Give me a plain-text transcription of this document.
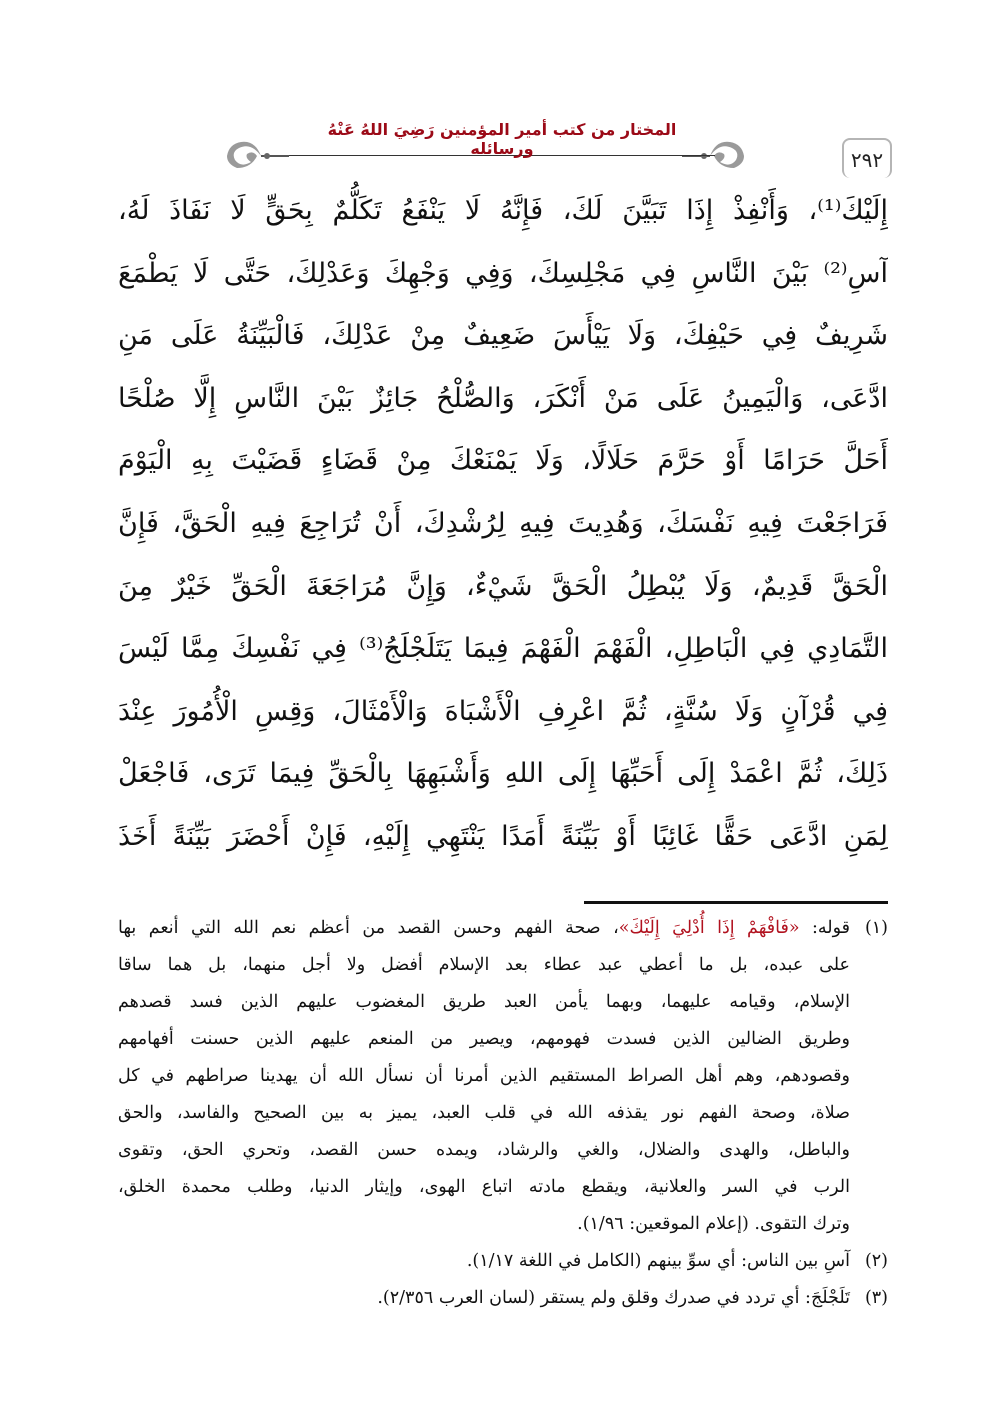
٢٩٢
المختار من كتب أمير المؤمنين رَضِيَ اللهُ عَنْهُ ورسائله
إِلَيْكَ⁽¹⁾، وَأَنْفِذْ إِذَا تَبَيَّنَ لَكَ، فَإِنَّهُ لَا يَنْفَعُ تَكَلُّمٌ بِحَقٍّ لَا نَفَاذَ لَهُ،
آسِ⁽²⁾ بَيْنَ النَّاسِ فِي مَجْلِسِكَ، وَفِي وَجْهِكَ وَعَدْلِكَ، حَتَّى لَا يَطْمَعَ
شَرِيفٌ فِي حَيْفِكَ، وَلَا يَيْأَسَ ضَعِيفٌ مِنْ عَدْلِكَ، فَالْبَيِّنَةُ عَلَى مَنِ
ادَّعَى، وَالْيَمِينُ عَلَى مَنْ أَنْكَرَ، وَالصُّلْحُ جَائِزٌ بَيْنَ النَّاسِ إِلَّا صُلْحًا
أَحَلَّ حَرَامًا أَوْ حَرَّمَ حَلَالًا، وَلَا يَمْنَعْكَ مِنْ قَضَاءٍ قَضَيْتَ بِهِ الْيَوْمَ
فَرَاجَعْتَ فِيهِ نَفْسَكَ، وَهُدِيتَ فِيهِ لِرُشْدِكَ، أَنْ تُرَاجِعَ فِيهِ الْحَقَّ، فَإِنَّ
الْحَقَّ قَدِيمٌ، وَلَا يُبْطِلُ الْحَقَّ شَيْءٌ، وَإِنَّ مُرَاجَعَةَ الْحَقِّ خَيْرٌ مِنَ
التَّمَادِي فِي الْبَاطِلِ، الْفَهْمَ الْفَهْمَ فِيمَا يَتَلَجْلَجُ⁽³⁾ فِي نَفْسِكَ مِمَّا لَيْسَ
فِي قُرْآنٍ وَلَا سُنَّةٍ، ثُمَّ اعْرِفِ الْأَشْبَاهَ وَالْأَمْثَالَ، وَقِسِ الْأُمُورَ عِنْدَ
ذَلِكَ، ثُمَّ اعْمَدْ إِلَى أَحَبِّهَا إِلَى اللهِ وَأَشْبَهِهَا بِالْحَقِّ فِيمَا تَرَى، فَاجْعَلْ
لِمَنِ ادَّعَى حَقًّا غَائِبًا أَوْ بَيِّنَةً أَمَدًا يَنْتَهِي إِلَيْهِ، فَإِنْ أَحْضَرَ بَيِّنَةً أَخَذَ
(١)قوله: «فَافْهَمْ إِذَا أُدْلِيَ إِلَيْكَ»، صحة الفهم وحسن القصد من أعظم نعم الله التي أنعم بها
على عبده، بل ما أعطي عبد عطاء بعد الإسلام أفضل ولا أجل منهما، بل هما ساقا
الإسلام، وقيامه عليهما، وبهما يأمن العبد طريق المغضوب عليهم الذين فسد قصدهم
وطريق الضالين الذين فسدت فهومهم، ويصير من المنعم عليهم الذين حسنت أفهامهم
وقصودهم، وهم أهل الصراط المستقيم الذين أمرنا أن نسأل الله أن يهدينا صراطهم في كل
صلاة، وصحة الفهم نور يقذفه الله في قلب العبد، يميز به بين الصحيح والفاسد، والحق
والباطل، والهدى والضلال، والغي والرشاد، ويمده حسن القصد، وتحري الحق، وتقوى
الرب في السر والعلانية، ويقطع مادته اتباع الهوى، وإيثار الدنيا، وطلب محمدة الخلق،
وترك التقوى. (إعلام الموقعين: ١/٩٦).
(٢)آسِ بين الناس: أي سوِّ بينهم (الكامل في اللغة ١/١٧).
(٣)تَلَجْلَجَ: أي تردد في صدرك وقلق ولم يستقر (لسان العرب ٢/٣٥٦).
